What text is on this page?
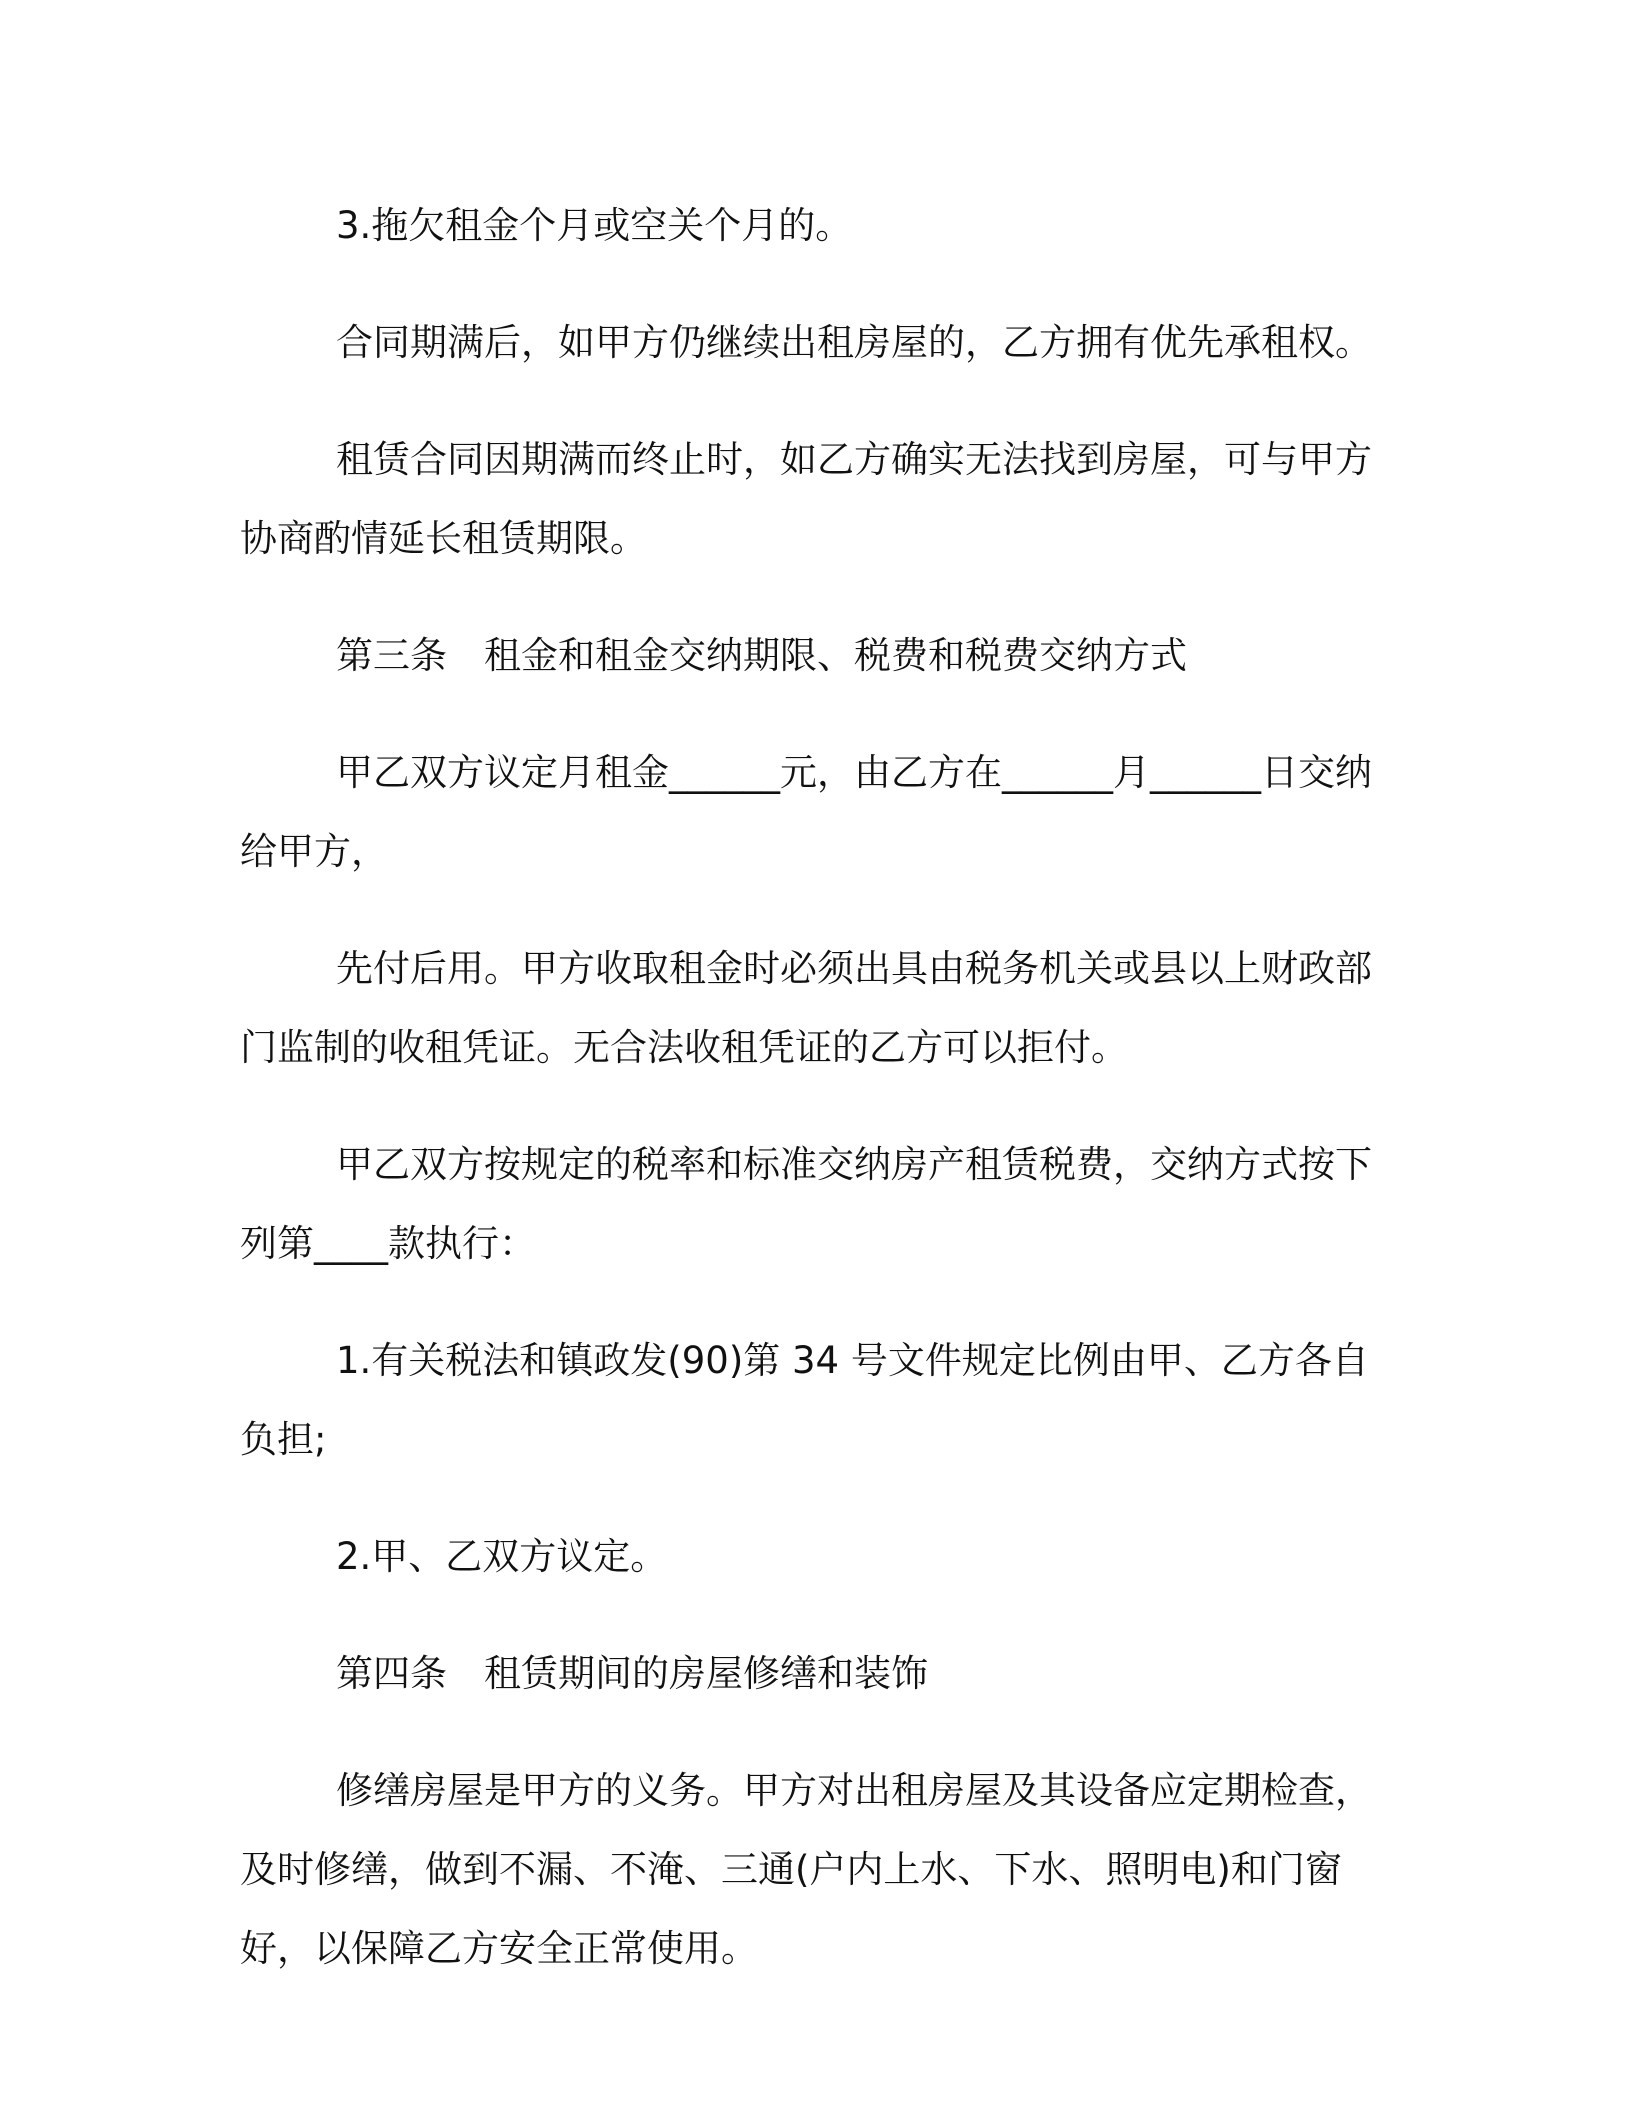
3.拖欠租金个月或空关个月的。

合同期满后，如甲方仍继续出租房屋的，乙方拥有优先承租权。

租赁合同因期满而终止时，如乙方确实无法找到房屋，可与甲方协商酌情延长租赁期限。

第三条　租金和租金交纳期限、税费和税费交纳方式

甲乙双方议定月租金______元，由乙方在______月______日交纳给甲方，

先付后用。甲方收取租金时必须出具由税务机关或县以上财政部门监制的收租凭证。无合法收租凭证的乙方可以拒付。

甲乙双方按规定的税率和标准交纳房产租赁税费，交纳方式按下列第____款执行：

1.有关税法和镇政发(90)第 34 号文件规定比例由甲、乙方各自负担;

2.甲、乙双方议定。

第四条　租赁期间的房屋修缮和装饰

修缮房屋是甲方的义务。甲方对出租房屋及其设备应定期检查，及时修缮，做到不漏、不淹、三通(户内上水、下水、照明电)和门窗好，以保障乙方安全正常使用。
